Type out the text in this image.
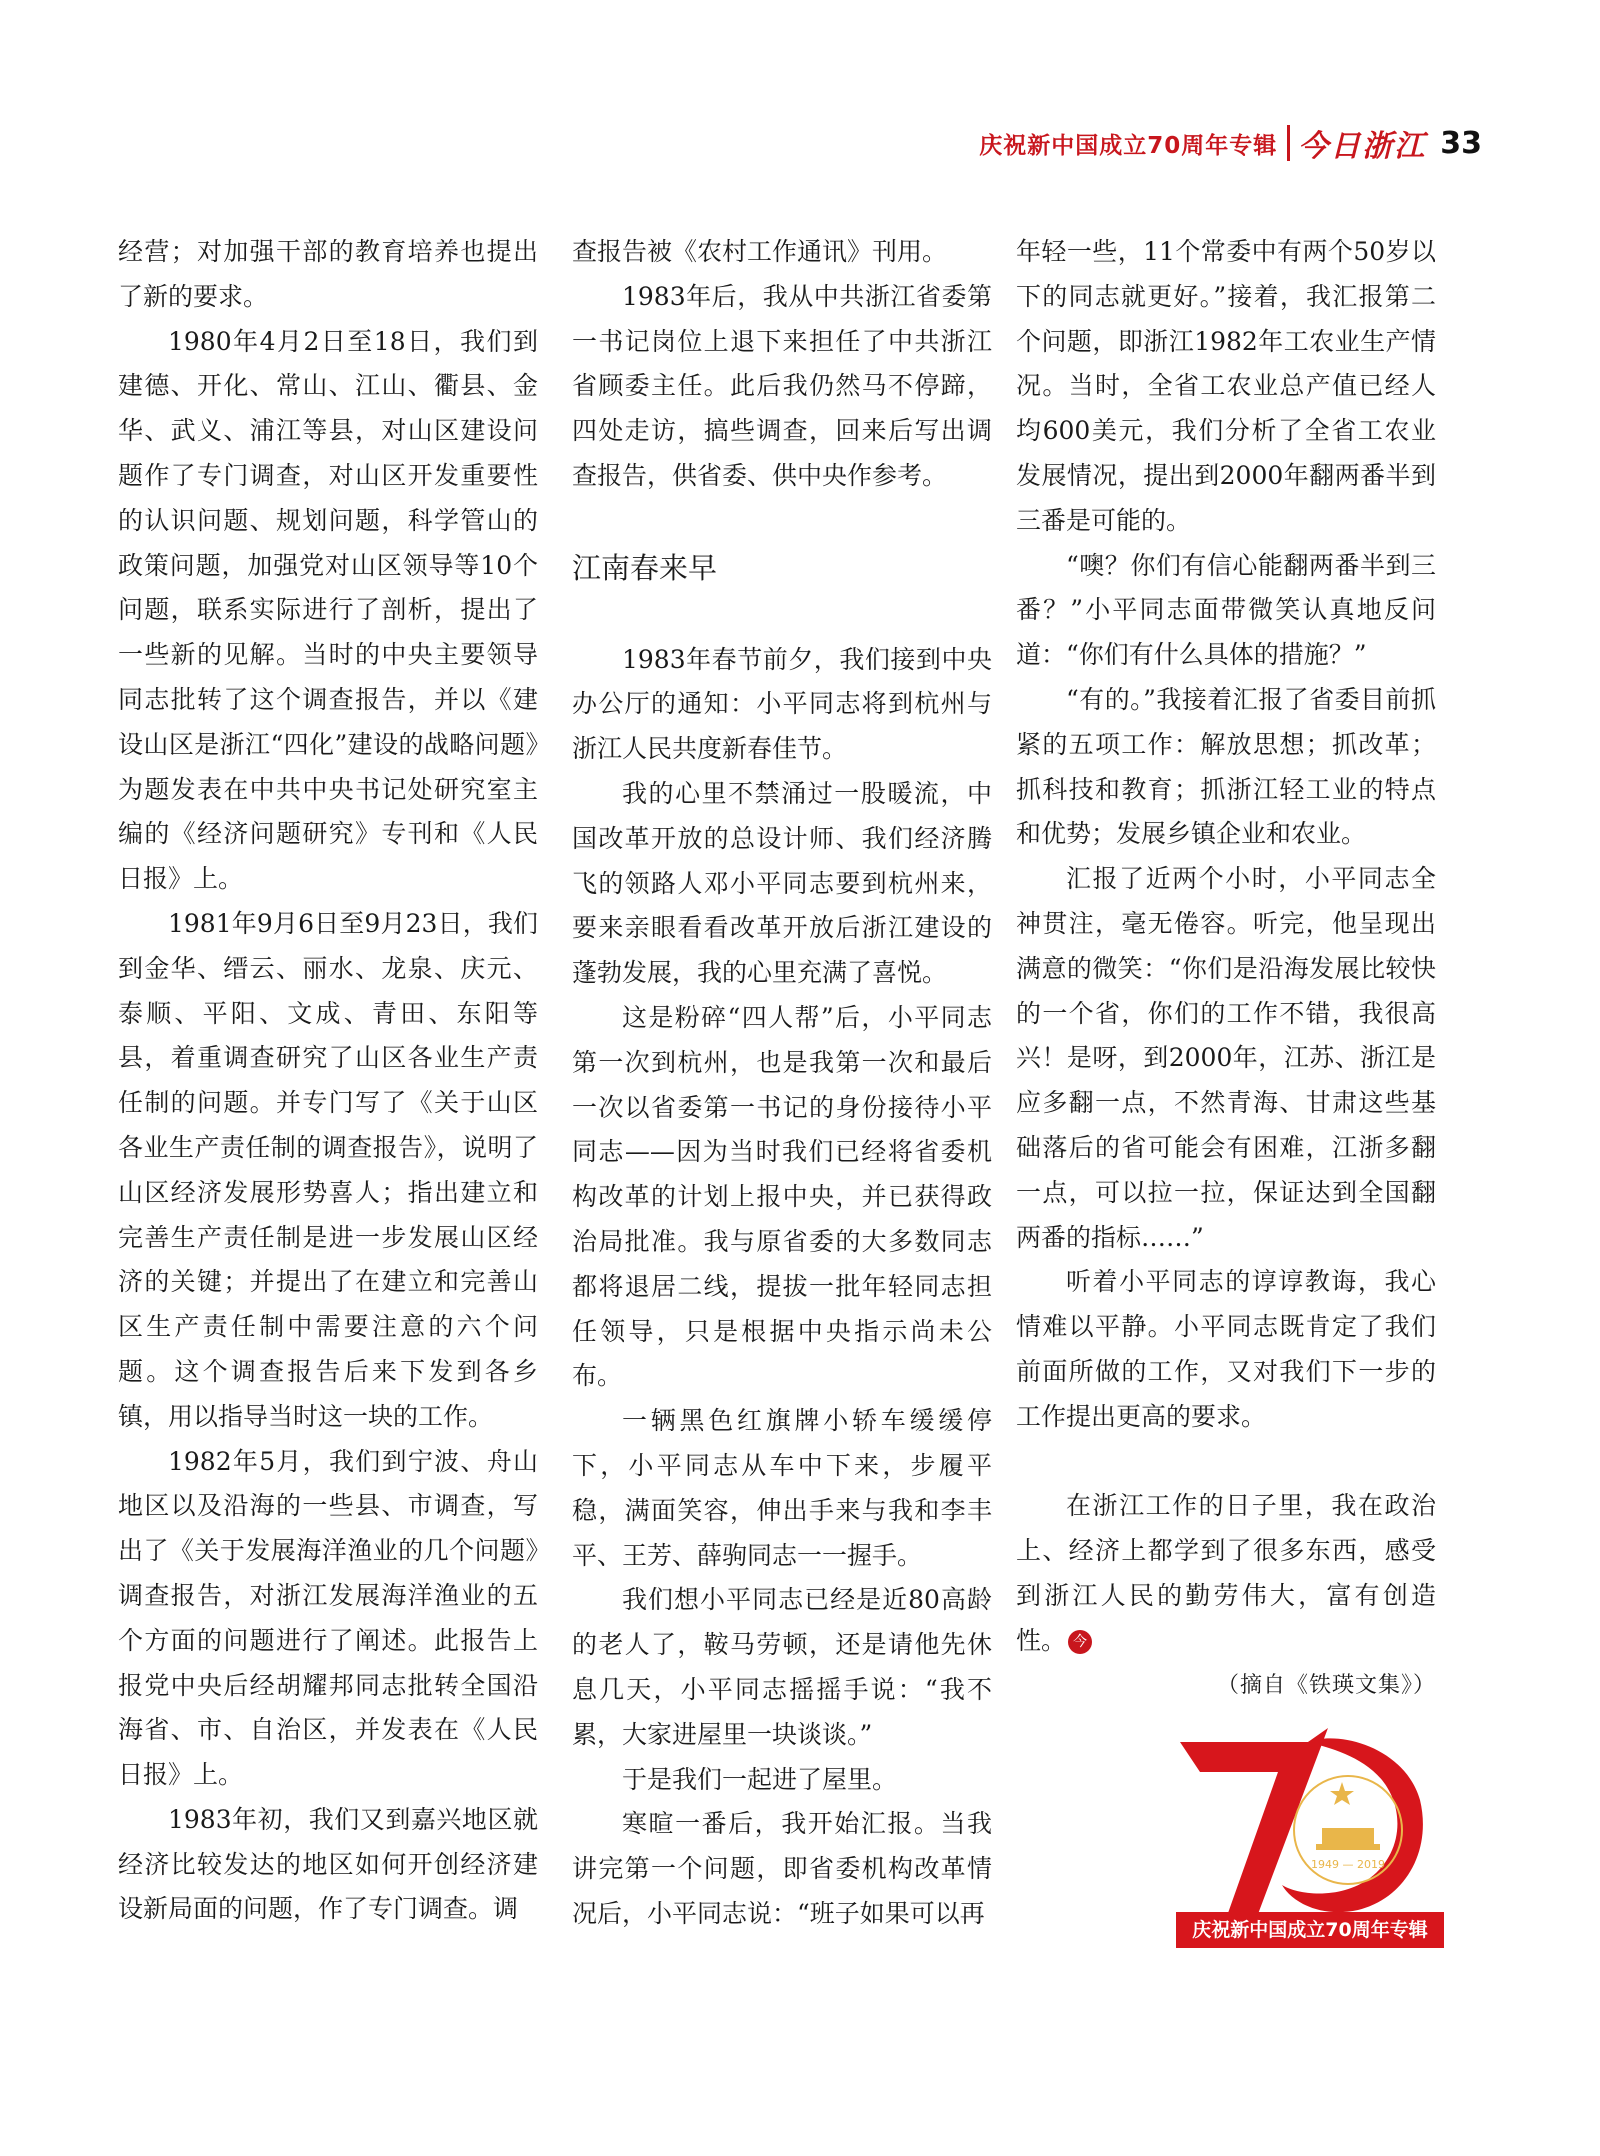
庆祝新中国成立70周年专辑 今日浙江 33

经营；对加强干部的教育培养也提出了新的要求。

1980年4月2日至18日，我们到建德、开化、常山、江山、衢县、金华、武义、浦江等县，对山区建设问题作了专门调查，对山区开发重要性的认识问题、规划问题，科学管山的政策问题，加强党对山区领导等10个问题，联系实际进行了剖析，提出了一些新的见解。当时的中央主要领导同志批转了这个调查报告，并以《建设山区是浙江“四化”建设的战略问题》为题发表在中共中央书记处研究室主编的《经济问题研究》专刊和《人民日报》上。

1981年9月6日至9月23日，我们到金华、缙云、丽水、龙泉、庆元、泰顺、平阳、文成、青田、东阳等县，着重调查研究了山区各业生产责任制的问题。并专门写了《关于山区各业生产责任制的调查报告》，说明了山区经济发展形势喜人；指出建立和完善生产责任制是进一步发展山区经济的关键；并提出了在建立和完善山区生产责任制中需要注意的六个问题。这个调查报告后来下发到各乡镇，用以指导当时这一块的工作。

1982年5月，我们到宁波、舟山地区以及沿海的一些县、市调查，写出了《关于发展海洋渔业的几个问题》调查报告，对浙江发展海洋渔业的五个方面的问题进行了阐述。此报告上报党中央后经胡耀邦同志批转全国沿海省、市、自治区，并发表在《人民日报》上。

1983年初，我们又到嘉兴地区就经济比较发达的地区如何开创经济建设新局面的问题，作了专门调查。调

查报告被《农村工作通讯》刊用。

1983年后，我从中共浙江省委第一书记岗位上退下来担任了中共浙江省顾委主任。此后我仍然马不停蹄，四处走访，搞些调查，回来后写出调查报告，供省委、供中央作参考。

江南春来早

1983年春节前夕，我们接到中央办公厅的通知：小平同志将到杭州与浙江人民共度新春佳节。

我的心里不禁涌过一股暖流，中国改革开放的总设计师、我们经济腾飞的领路人邓小平同志要到杭州来，要来亲眼看看改革开放后浙江建设的蓬勃发展，我的心里充满了喜悦。

这是粉碎“四人帮”后，小平同志第一次到杭州，也是我第一次和最后一次以省委第一书记的身份接待小平同志——因为当时我们已经将省委机构改革的计划上报中央，并已获得政治局批准。我与原省委的大多数同志都将退居二线，提拔一批年轻同志担任领导，只是根据中央指示尚未公布。

一辆黑色红旗牌小轿车缓缓停下，小平同志从车中下来，步履平稳，满面笑容，伸出手来与我和李丰平、王芳、薛驹同志一一握手。

我们想小平同志已经是近80高龄的老人了，鞍马劳顿，还是请他先休息几天，小平同志摇摇手说：“我不累，大家进屋里一块谈谈。”

于是我们一起进了屋里。

寒暄一番后，我开始汇报。当我讲完第一个问题，即省委机构改革情况后，小平同志说：“班子如果可以再

年轻一些，11个常委中有两个50岁以下的同志就更好。”接着，我汇报第二个问题，即浙江1982年工农业生产情况。当时，全省工农业总产值已经人均600美元，我们分析了全省工农业发展情况，提出到2000年翻两番半到三番是可能的。

“噢？你们有信心能翻两番半到三番？”小平同志面带微笑认真地反问道：“你们有什么具体的措施？”

“有的。”我接着汇报了省委目前抓紧的五项工作：解放思想；抓改革；抓科技和教育；抓浙江轻工业的特点和优势；发展乡镇企业和农业。

汇报了近两个小时，小平同志全神贯注，毫无倦容。听完，他呈现出满意的微笑：“你们是沿海发展比较快的一个省，你们的工作不错，我很高兴！是呀，到2000年，江苏、浙江是应多翻一点，不然青海、甘肃这些基础落后的省可能会有困难，江浙多翻一点，可以拉一拉，保证达到全国翻两番的指标……”

听着小平同志的谆谆教诲，我心情难以平静。小平同志既肯定了我们前面所做的工作，又对我们下一步的工作提出更高的要求。

在浙江工作的日子里，我在政治上、经济上都学到了很多东西，感受到浙江人民的勤劳伟大，富有创造性。 今

（摘自《铁瑛文集》）

1949 — 2019
庆祝新中国成立70周年专辑
